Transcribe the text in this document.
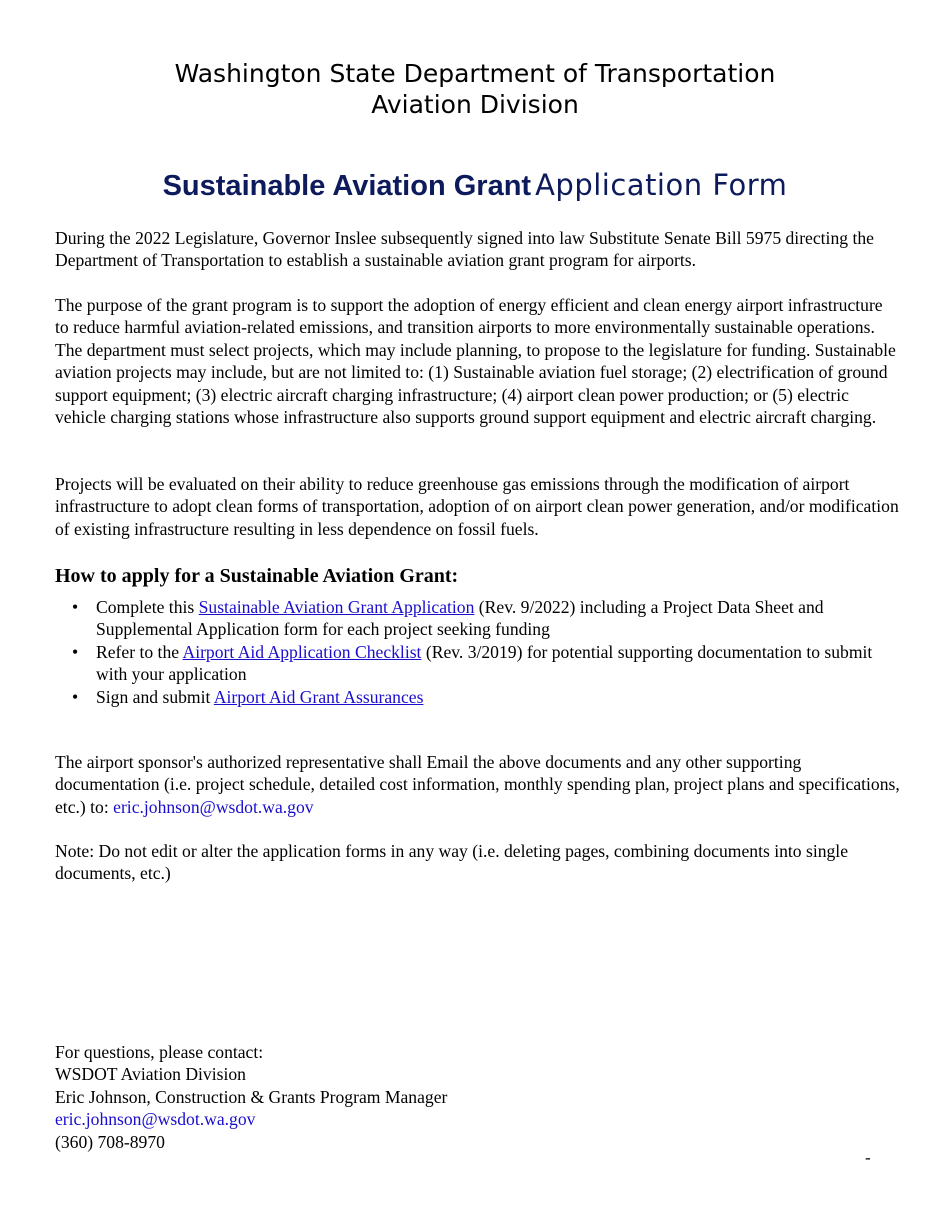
Washington State Department of Transportation
Aviation Division
Sustainable Aviation Grant Application Form

During the 2022 Legislature, Governor Inslee subsequently signed into law Substitute Senate Bill 5975 directing the Department of Transportation to establish a sustainable aviation grant program for airports.

The purpose of the grant program is to support the adoption of energy efficient and clean energy airport infrastructure to reduce harmful aviation-related emissions, and transition airports to more environmentally sustainable operations. The department must select projects, which may include planning, to propose to the legislature for funding. Sustainable aviation projects may include, but are not limited to: (1) Sustainable aviation fuel storage; (2) electrification of ground support equipment; (3) electric aircraft charging infrastructure; (4) airport clean power production; or (5) electric vehicle charging stations whose infrastructure also supports ground support equipment and electric aircraft charging.

Projects will be evaluated on their ability to reduce greenhouse gas emissions through the modification of airport infrastructure to adopt clean forms of transportation, adoption of on airport clean power generation, and/or modification of existing infrastructure resulting in less dependence on fossil fuels.

How to apply for a Sustainable Aviation Grant:
• Complete this Sustainable Aviation Grant Application (Rev. 9/2022) including a Project Data Sheet and Supplemental Application form for each project seeking funding
• Refer to the Airport Aid Application Checklist (Rev. 3/2019) for potential supporting documentation to submit with your application
• Sign and submit Airport Aid Grant Assurances

The airport sponsor's authorized representative shall Email the above documents and any other supporting documentation (i.e. project schedule, detailed cost information, monthly spending plan, project plans and specifications, etc.) to: eric.johnson@wsdot.wa.gov

Note: Do not edit or alter the application forms in any way (i.e. deleting pages, combining documents into single documents, etc.)

For questions, please contact:
WSDOT Aviation Division
Eric Johnson, Construction & Grants Program Manager
eric.johnson@wsdot.wa.gov
(360) 708-8970
-
